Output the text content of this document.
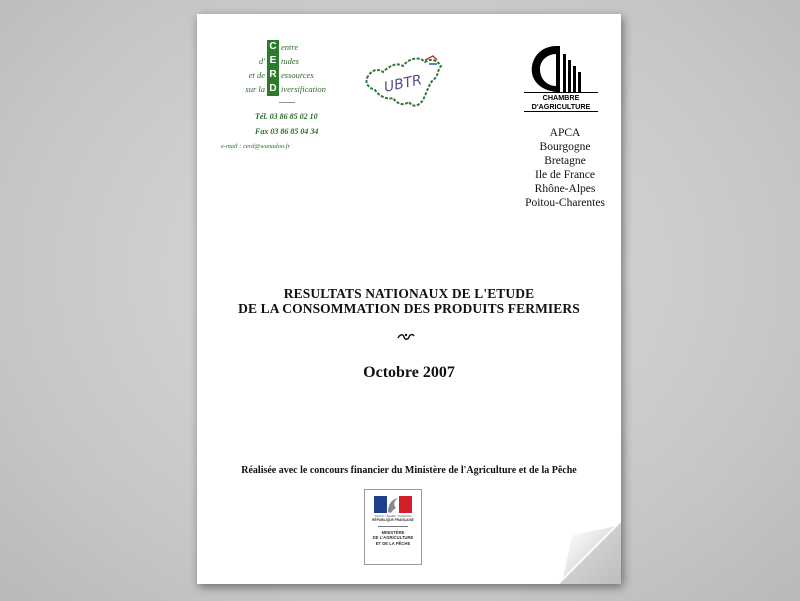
C entre
d' E tudes
et de R essources
sur la D iversification
Tél. 03 86 85 02 10
Fax 03 86 85 04 34
e-mail : cerd@wanadoo.fr
UBTR
CHAMBRE
D'AGRICULTURE
APCA
Bourgogne
Bretagne
Ile de France
Rhône-Alpes
Poitou-Charentes
RESULTATS NATIONAUX DE L'ETUDE
DE LA CONSOMMATION DES PRODUITS FERMIERS
Octobre 2007
Réalisée avec le concours financier du Ministère de l'Agriculture et de la Pêche
Liberté • Égalité • Fraternité
RÉPUBLIQUE FRANÇAISE
MINISTÈRE
DE L'AGRICULTURE
ET DE LA PÊCHE
